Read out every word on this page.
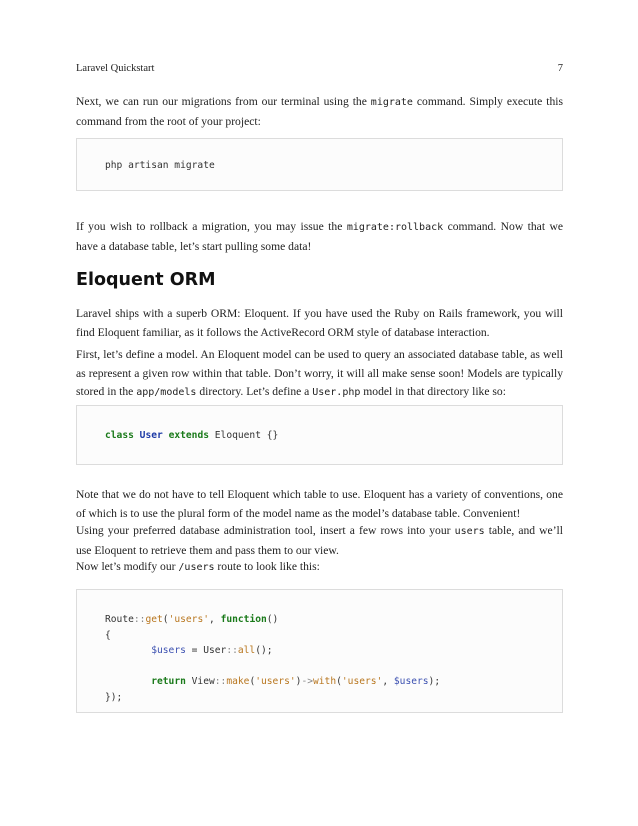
Laravel Quickstart	7

Next, we can run our migrations from our terminal using the migrate command. Simply execute this command from the root of your project:

php artisan migrate

If you wish to rollback a migration, you may issue the migrate:rollback command. Now that we have a database table, let’s start pulling some data!

Eloquent ORM

Laravel ships with a superb ORM: Eloquent. If you have used the Ruby on Rails framework, you will find Eloquent familiar, as it follows the ActiveRecord ORM style of database interaction.

First, let’s define a model. An Eloquent model can be used to query an associated database table, as well as represent a given row within that table. Don’t worry, it will all make sense soon! Models are typically stored in the app/models directory. Let’s define a User.php model in that directory like so:

class User extends Eloquent {}

Note that we do not have to tell Eloquent which table to use. Eloquent has a variety of conventions, one of which is to use the plural form of the model name as the model’s database table. Convenient!

Using your preferred database administration tool, insert a few rows into your users table, and we’ll use Eloquent to retrieve them and pass them to our view.

Now let’s modify our /users route to look like this:

Route::get('users', function()
{
$users = User::all();

return View::make('users')->with('users', $users);
});
